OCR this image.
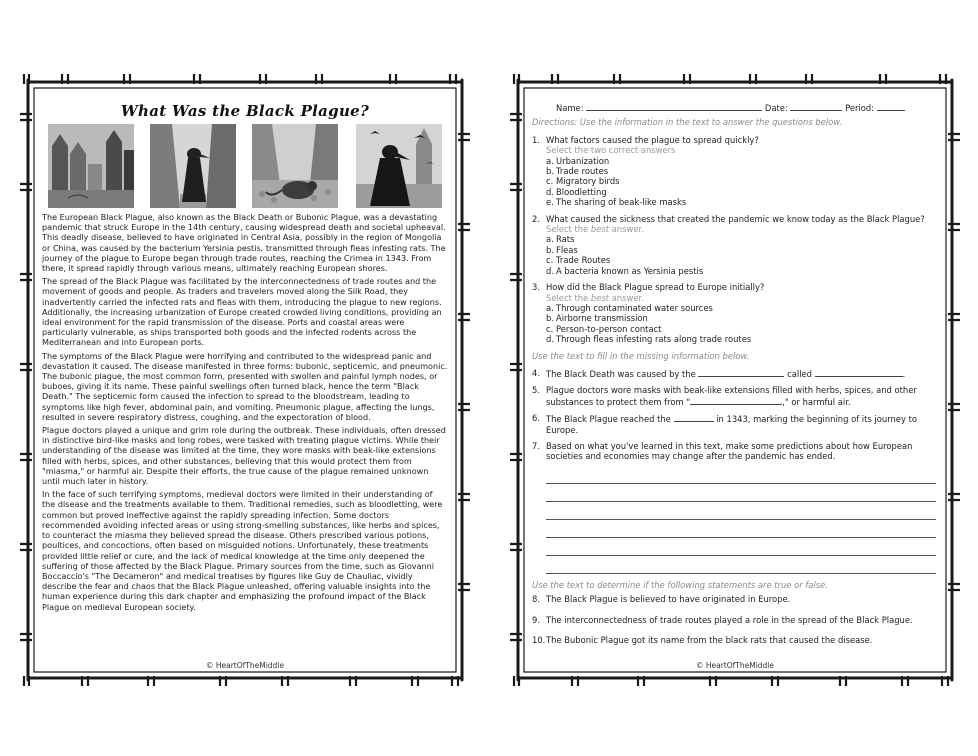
What Was the Black Plague?

The European Black Plague, also known as the Black Death or Bubonic Plague, was a devastating pandemic that struck Europe in the 14th century, causing widespread death and societal upheaval. This deadly disease, believed to have originated in Central Asia, possibly in the region of Mongolia or China, was caused by the bacterium Yersinia pestis, transmitted through fleas infesting rats. The journey of the plague to Europe began through trade routes, reaching the Crimea in 1343. From there, it spread rapidly through various means, ultimately reaching European shores.

The spread of the Black Plague was facilitated by the interconnectedness of trade routes and the movement of goods and people. As traders and travelers moved along the Silk Road, they inadvertently carried the infected rats and fleas with them, introducing the plague to new regions. Additionally, the increasing urbanization of Europe created crowded living conditions, providing an ideal environment for the rapid transmission of the disease. Ports and coastal areas were particularly vulnerable, as ships transported both goods and the infected rodents across the Mediterranean and into European ports.

The symptoms of the Black Plague were horrifying and contributed to the widespread panic and devastation it caused. The disease manifested in three forms: bubonic, septicemic, and pneumonic. The bubonic plague, the most common form, presented with swollen and painful lymph nodes, or buboes, giving it its name. These painful swellings often turned black, hence the term "Black Death." The septicemic form caused the infection to spread to the bloodstream, leading to symptoms like high fever, abdominal pain, and vomiting. Pneumonic plague, affecting the lungs, resulted in severe respiratory distress, coughing, and the expectoration of blood.

Plague doctors played a unique and grim role during the outbreak. These individuals, often dressed in distinctive bird-like masks and long robes, were tasked with treating plague victims. While their understanding of the disease was limited at the time, they wore masks with beak-like extensions filled with herbs, spices, and other substances, believing that this would protect them from "miasma," or harmful air. Despite their efforts, the true cause of the plague remained unknown until much later in history.

In the face of such terrifying symptoms, medieval doctors were limited in their understanding of the disease and the treatments available to them. Traditional remedies, such as bloodletting, were common but proved ineffective against the rapidly spreading infection. Some doctors recommended avoiding infected areas or using strong-smelling substances, like herbs and spices, to counteract the miasma they believed spread the disease. Others prescribed various potions, poultices, and concoctions, often based on misguided notions. Unfortunately, these treatments provided little relief or cure, and the lack of medical knowledge at the time only deepened the suffering of those affected by the Black Plague. Primary sources from the time, such as Giovanni Boccaccio's "The Decameron" and medical treatises by figures like Guy de Chauliac, vividly describe the fear and chaos that the Black Plague unleashed, offering valuable insights into the human experience during this dark chapter and emphasizing the profound impact of the Black Plague on medieval European society.

© HeartOfTheMiddle
Name:	Date:	Period:
Directions: Use the information in the text to answer the questions below.
1. What factors caused the plague to spread quickly?
Select the two correct answers
a. Urbanization
b. Trade routes
c. Migratory birds
d. Bloodletting
e. The sharing of beak-like masks
2. What caused the sickness that created the pandemic we know today as the Black Plague?
Select the best answer.
a. Rats
b. Fleas
c. Trade Routes
d. A bacteria known as Yersinia pestis
3. How did the Black Plague spread to Europe initially?
Select the best answer.
a. Through contaminated water sources
b. Airborne transmission
c. Person-to-person contact
d. Through fleas infesting rats along trade routes
Use the text to fill in the missing information below.
4. The Black Death was caused by the	called	.
5. Plague doctors wore masks with beak-like extensions filled with herbs, spices, and other substances to protect them from "	," or harmful air.
6. The Black Plague reached the	in 1343, marking the beginning of its journey to Europe.
7. Based on what you've learned in this text, make some predictions about how European societies and economies may change after the pandemic has ended.
Use the text to determine if the following statements are true or false.
8. The Black Plague is believed to have originated in Europe.
9. The interconnectedness of trade routes played a role in the spread of the Black Plague.
10. The Bubonic Plague got its name from the black rats that caused the disease.
© HeartOfTheMiddle
